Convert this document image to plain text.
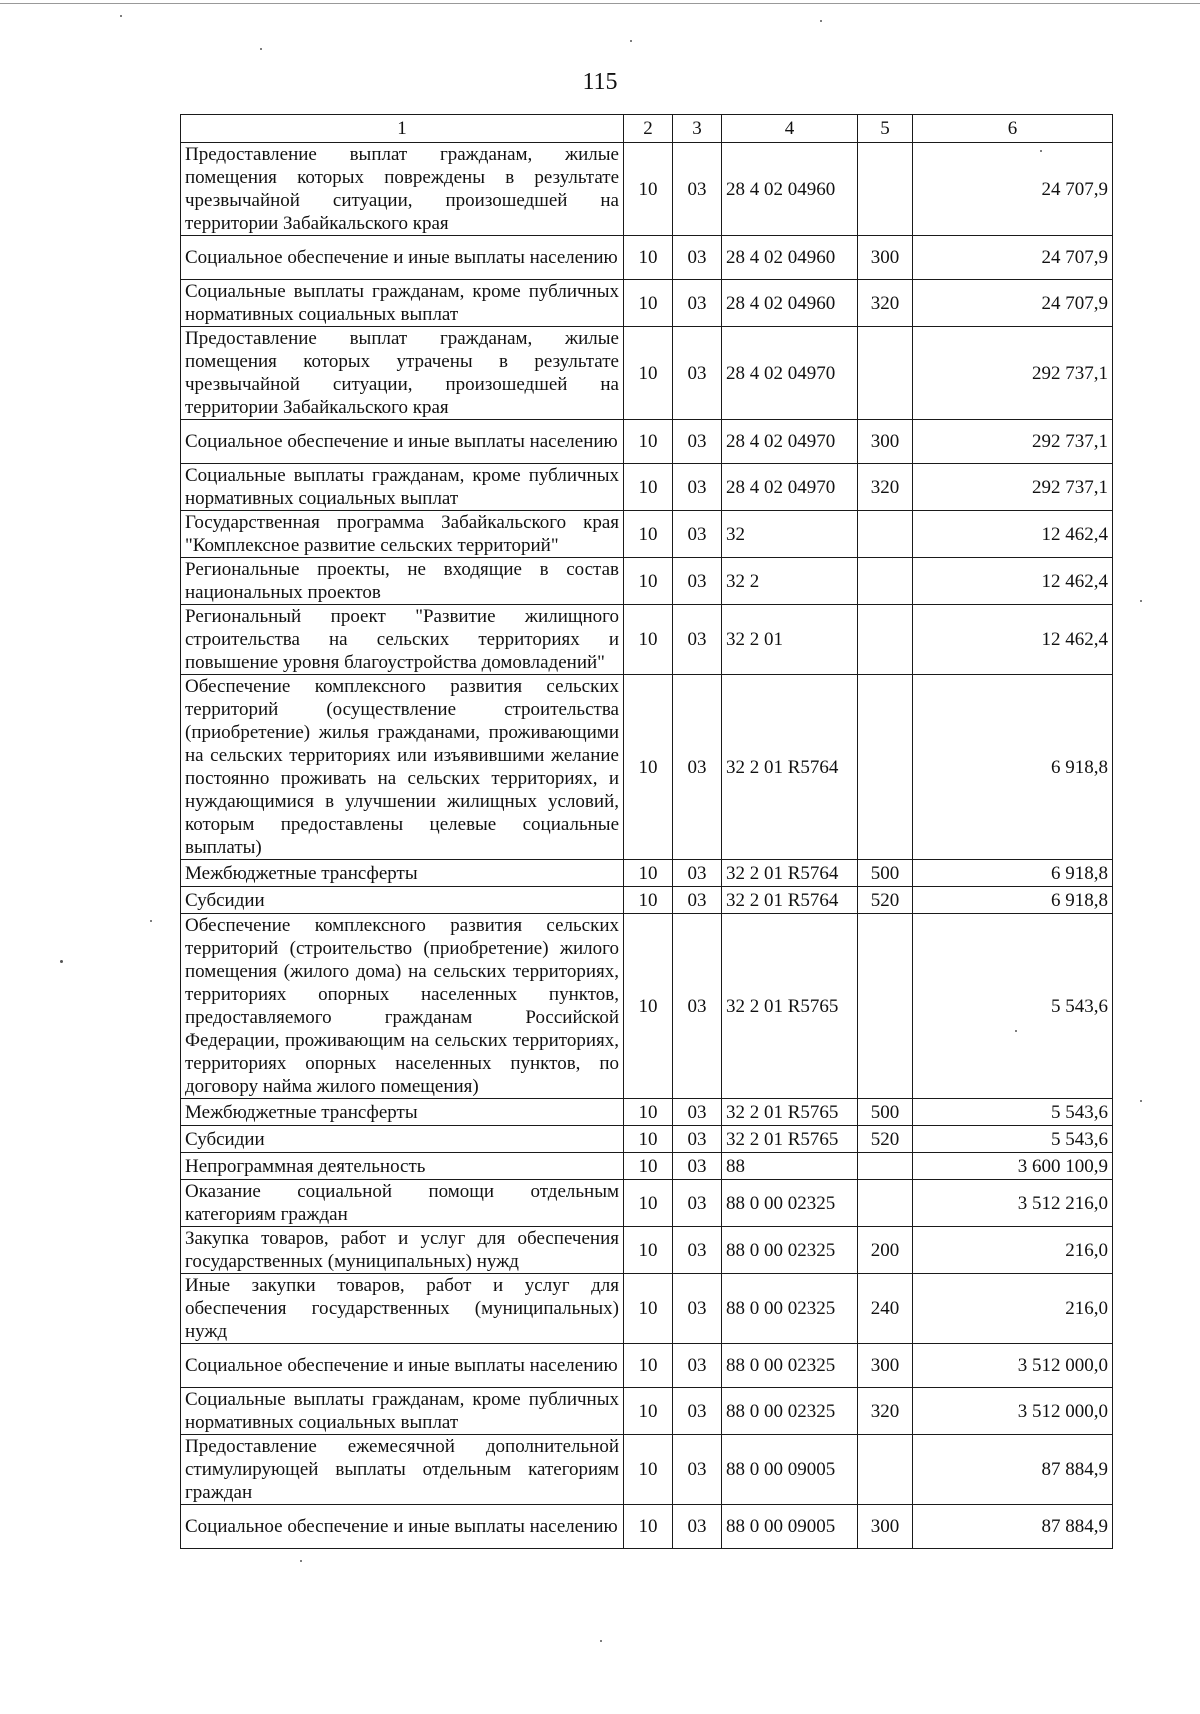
115
1	2	3	4	5	6
Предоставление выплат гражданам, жилые помещения которых повреждены в результате чрезвычайной ситуации, произошедшей на территории Забайкальского края	10	03	28 4 02 04960		24 707,9
Социальное обеспечение и иные выплаты населению	10	03	28 4 02 04960	300	24 707,9
Социальные выплаты гражданам, кроме публичных нормативных социальных выплат	10	03	28 4 02 04960	320	24 707,9
Предоставление выплат гражданам, жилые помещения которых утрачены в результате чрезвычайной ситуации, произошедшей на территории Забайкальского края	10	03	28 4 02 04970		292 737,1
Социальное обеспечение и иные выплаты населению	10	03	28 4 02 04970	300	292 737,1
Социальные выплаты гражданам, кроме публичных нормативных социальных выплат	10	03	28 4 02 04970	320	292 737,1
Государственная программа Забайкальского края "Комплексное развитие сельских территорий"	10	03	32		12 462,4
Региональные проекты, не входящие в состав национальных проектов	10	03	32 2		12 462,4
Региональный проект "Развитие жилищного строительства на сельских территориях и повышение уровня благоустройства домовладений"	10	03	32 2 01		12 462,4
Обеспечение комплексного развития сельских территорий (осуществление строительства (приобретение) жилья гражданами, проживающими на сельских территориях или изъявившими желание постоянно проживать на сельских территориях, и нуждающимися в улучшении жилищных условий, которым предоставлены целевые социальные выплаты)	10	03	32 2 01 R5764		6 918,8
Межбюджетные трансферты	10	03	32 2 01 R5764	500	6 918,8
Субсидии	10	03	32 2 01 R5764	520	6 918,8
Обеспечение комплексного развития сельских территорий (строительство (приобретение) жилого помещения (жилого дома) на сельских территориях, территориях опорных населенных пунктов, предоставляемого гражданам Российской Федерации, проживающим на сельских территориях, территориях опорных населенных пунктов, по договору найма жилого помещения)	10	03	32 2 01 R5765		5 543,6
Межбюджетные трансферты	10	03	32 2 01 R5765	500	5 543,6
Субсидии	10	03	32 2 01 R5765	520	5 543,6
Непрограммная деятельность	10	03	88		3 600 100,9
Оказание социальной помощи отдельным категориям граждан	10	03	88 0 00 02325		3 512 216,0
Закупка товаров, работ и услуг для обеспечения государственных (муниципальных) нужд	10	03	88 0 00 02325	200	216,0
Иные закупки товаров, работ и услуг для обеспечения государственных (муниципальных) нужд	10	03	88 0 00 02325	240	216,0
Социальное обеспечение и иные выплаты населению	10	03	88 0 00 02325	300	3 512 000,0
Социальные выплаты гражданам, кроме публичных нормативных социальных выплат	10	03	88 0 00 02325	320	3 512 000,0
Предоставление ежемесячной дополнительной стимулирующей выплаты отдельным категориям граждан	10	03	88 0 00 09005		87 884,9
Социальное обеспечение и иные выплаты населению	10	03	88 0 00 09005	300	87 884,9
